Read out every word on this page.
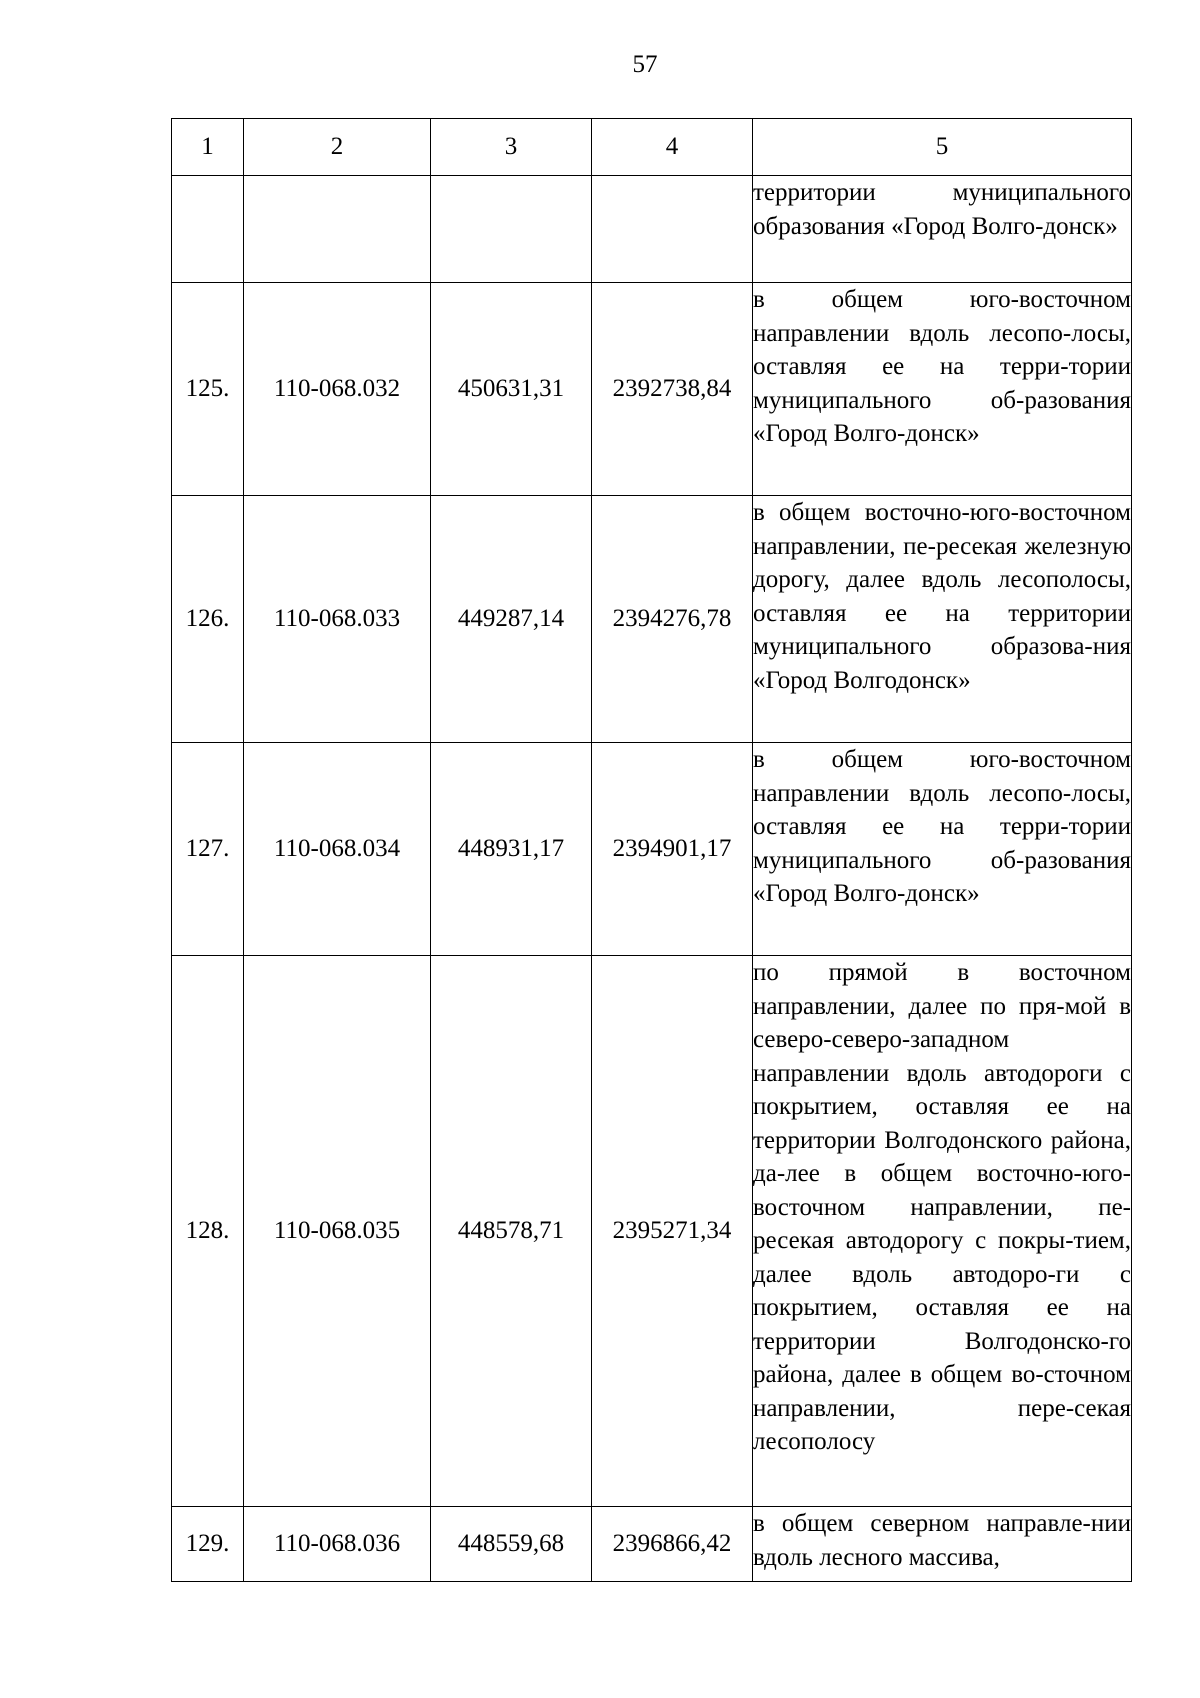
57
1	2	3	4	5
				территории муниципального образования «Город Волго-донск»
125.	110-068.032	450631,31	2392738,84	в общем юго-восточном направлении вдоль лесопо-лосы, оставляя ее на терри-тории муниципального об-разования «Город Волго-донск»
126.	110-068.033	449287,14	2394276,78	в общем восточно-юго-восточном направлении, пе-ресекая железную дорогу, далее вдоль лесополосы, оставляя ее на территории муниципального образова-ния «Город Волгодонск»
127.	110-068.034	448931,17	2394901,17	в общем юго-восточном направлении вдоль лесопо-лосы, оставляя ее на терри-тории муниципального об-разования «Город Волго-донск»
128.	110-068.035	448578,71	2395271,34	по прямой в восточном направлении, далее по пря-мой в северо-северо-западном направлении вдоль автодороги с покрытием, оставляя ее на территории Волгодонского района, да-лее в общем восточно-юго-восточном направлении, пе-ресекая автодорогу с покры-тием, далее вдоль автодоро-ги с покрытием, оставляя ее на территории Волгодонско-го района, далее в общем во-сточном направлении, пере-секая лесополосу
129.	110-068.036	448559,68	2396866,42	в общем северном направле-нии вдоль лесного массива,
